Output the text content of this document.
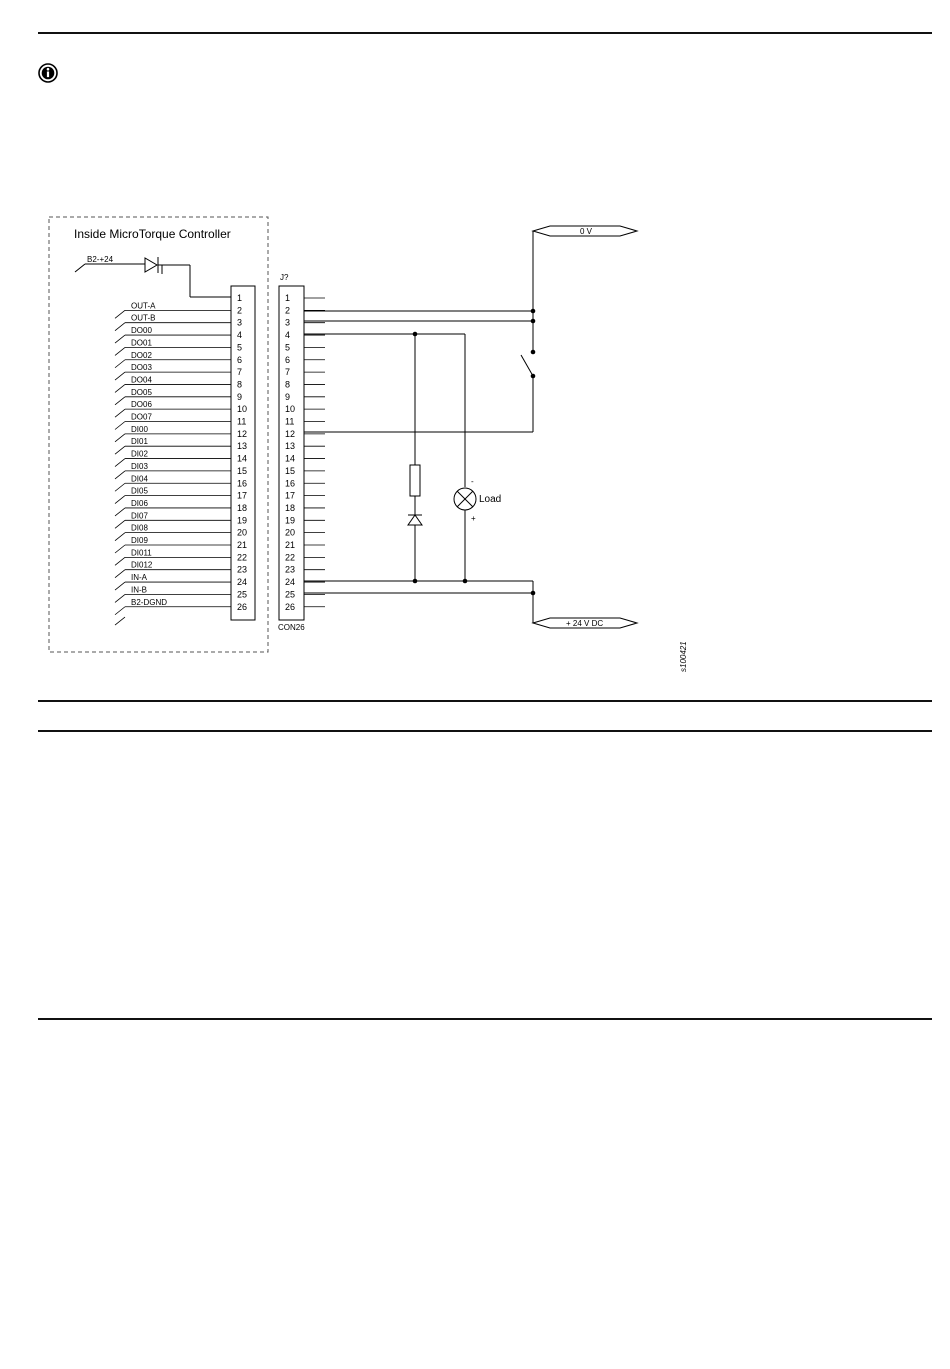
Inside MicroTorque Controller
B2-+24
1
2
3
4
5
6
7
8
9
10
11
12
13
14
15
16
17
18
19
20
21
22
23
24
25
26
OUT-A
OUT-B
DO00
DO01
DO02
DO03
DO04
DO05
DO06
DO07
DI00
DI01
DI02
DI03
DI04
DI05
DI06
DI07
DI08
DI09
DI011
DI012
IN-A
IN-B
B2-DGND
J?
CON26
1
2
3
4
5
6
7
8
9
10
11
12
13
14
15
16
17
18
19
20
21
22
23
24
25
26
0 V
+ 24 V DC
Load
-
+
s100421
